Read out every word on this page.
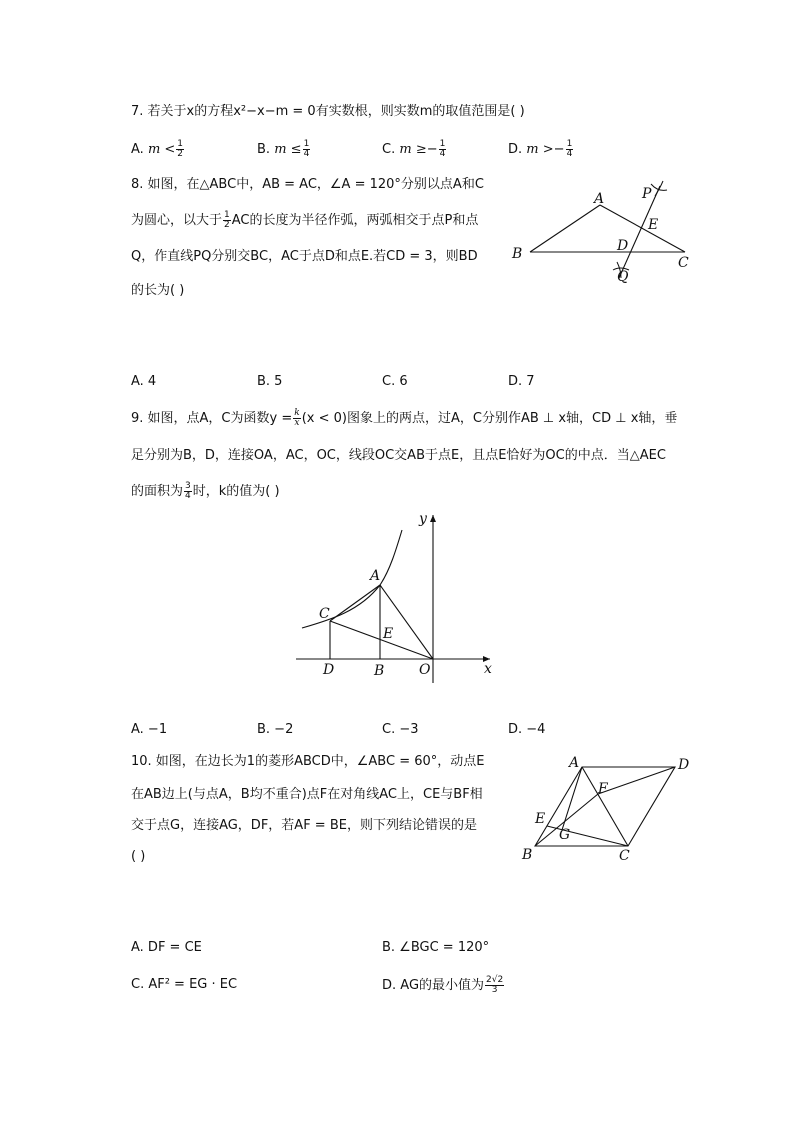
7. 若关于x的方程x²−x−m = 0有实数根，则实数m的取值范围是( )
A. $m < \frac{1}{2}$	B. $m \le \frac{1}{4}$	C. $m \ge- \frac{1}{4}$	D. $m >- \frac{1}{4}$
8. 如图，在△ABC中，AB = AC，∠A = 120°分别以点A和C
为圆心，以大于 $\frac{1}{2}$ AC的长度为半径作弧，两弧相交于点P和点
Q，作直线PQ分别交BC，AC于点D和点E.若CD = 3，则BD
的长为( )
A
B
C
D
E
P
Q
A. 4	B. 5	C. 6	D. 7
9. 如图，点A，C为函数$y = \frac{k}{x} (x < 0)$图象上的两点，过A，C分别作AB ⊥ x轴，CD ⊥ x轴，垂
足分别为B，D，连接OA，AC，OC，线段OC交AB于点E，且点E恰好为OC的中点．当△AEC
的面积为 $\frac{3}{4}$ 时，k的值为( )
y
x
A
C
E
D	B O
A. −1	B. −2	C. −3	D. −4
10. 如图，在边长为1的菱形ABCD中，∠ABC = 60°，动点E
在AB边上(与点A，B均不重合)点F在对角线AC上，CE与BF相
交于点G，连接AG，DF，若AF = BE，则下列结论错误的是
( )
A	D
F
E
G
B	C
A. DF = CE	B. ∠BGC = 120°
C. AF² = EG · EC	D. AG的最小值为 $\frac{2√2}{3}$
